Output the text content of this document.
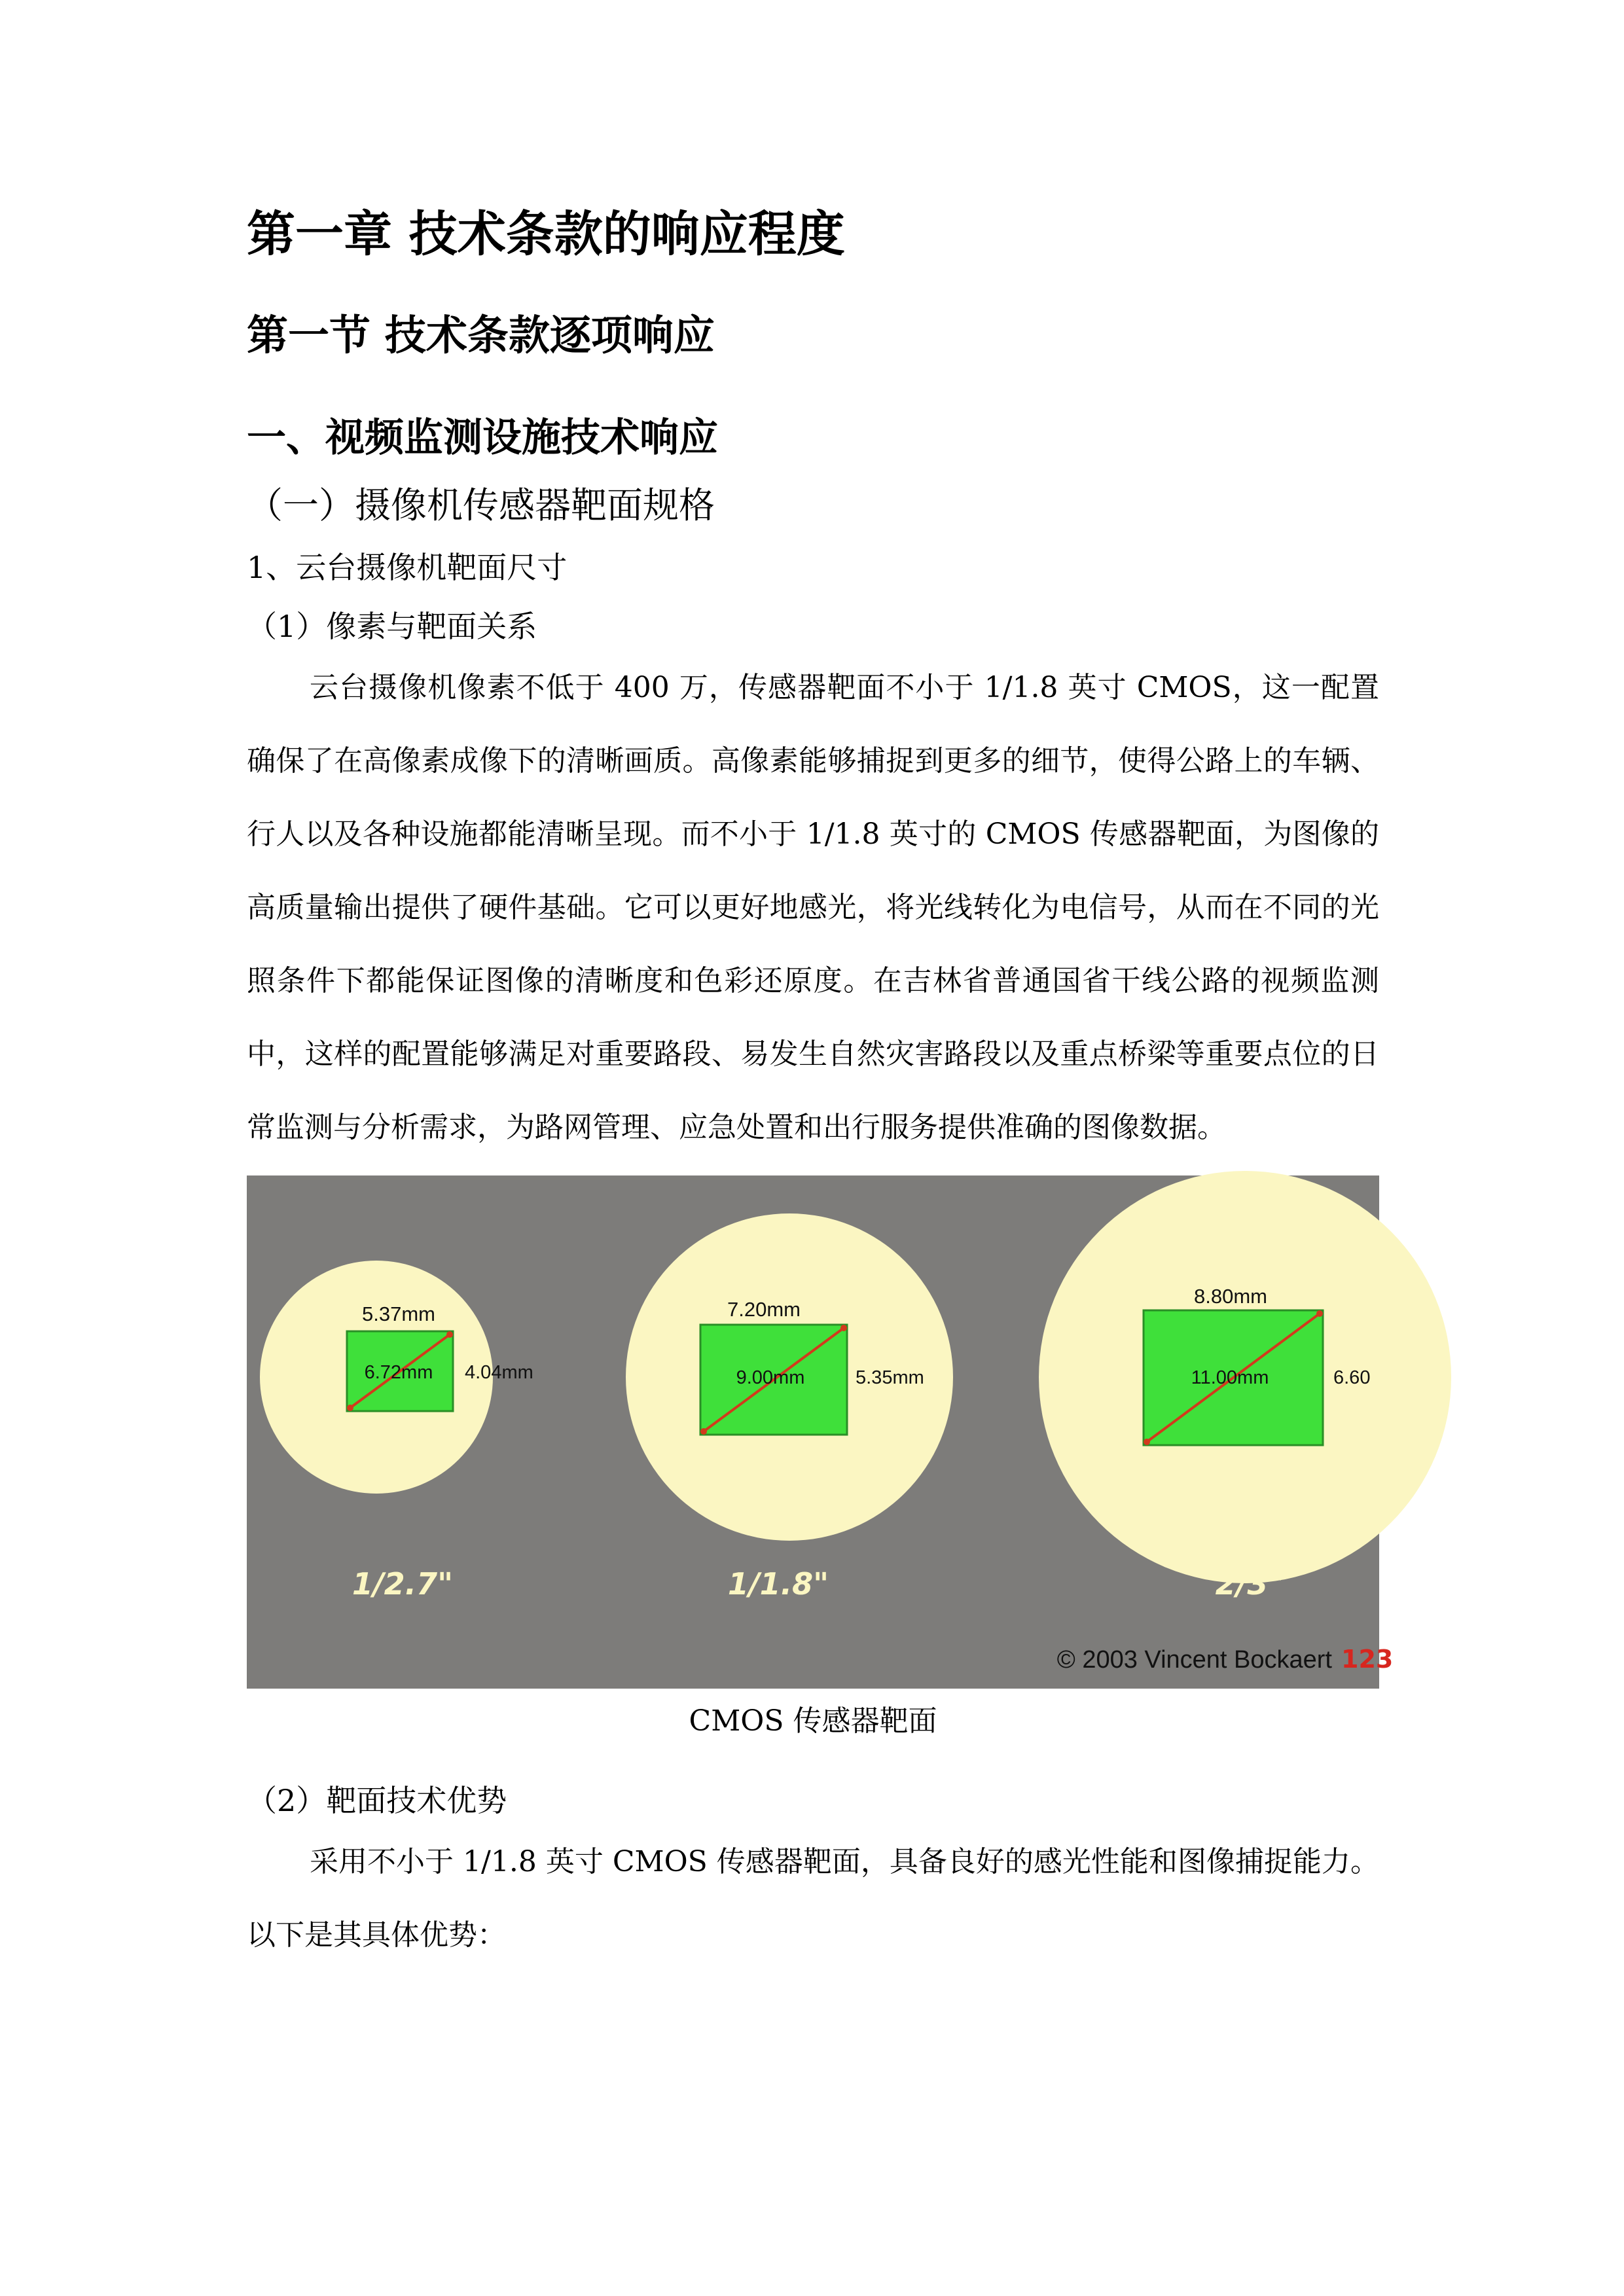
第一章 技术条款的响应程度
第一节 技术条款逐项响应
一、视频监测设施技术响应
（一）摄像机传感器靶面规格

1、云台摄像机靶面尺寸

（1）像素与靶面关系

云台摄像机像素不低于 400 万，传感器靶面不小于 1/1.8 英寸 CMOS，这一配置确保了在高像素成像下的清晰画质。高像素能够捕捉到更多的细节，使得公路上的车辆、行人以及各种设施都能清晰呈现。而不小于 1/1.8 英寸的 CMOS 传感器靶面，为图像的高质量输出提供了硬件基础。它可以更好地感光，将光线转化为电信号，从而在不同的光照条件下都能保证图像的清晰度和色彩还原度。在吉林省普通国省干线公路的视频监测中，这样的配置能够满足对重要路段、易发生自然灾害路段以及重点桥梁等重要点位的日常监测与分析需求，为路网管理、应急处置和出行服务提供准确的图像数据。

5.37mm
6.72mm 4.04mm
1/2.7"
7.20mm
9.00mm	5.35mm
1/1.8"
8.80mm
11.00mm	6.60
2/3"
© 2003 Vincent Bockaert 123

CMOS 传感器靶面

（2）靶面技术优势

采用不小于 1/1.8 英寸 CMOS 传感器靶面，具备良好的感光性能和图像捕捉能力。以下是其具体优势：
